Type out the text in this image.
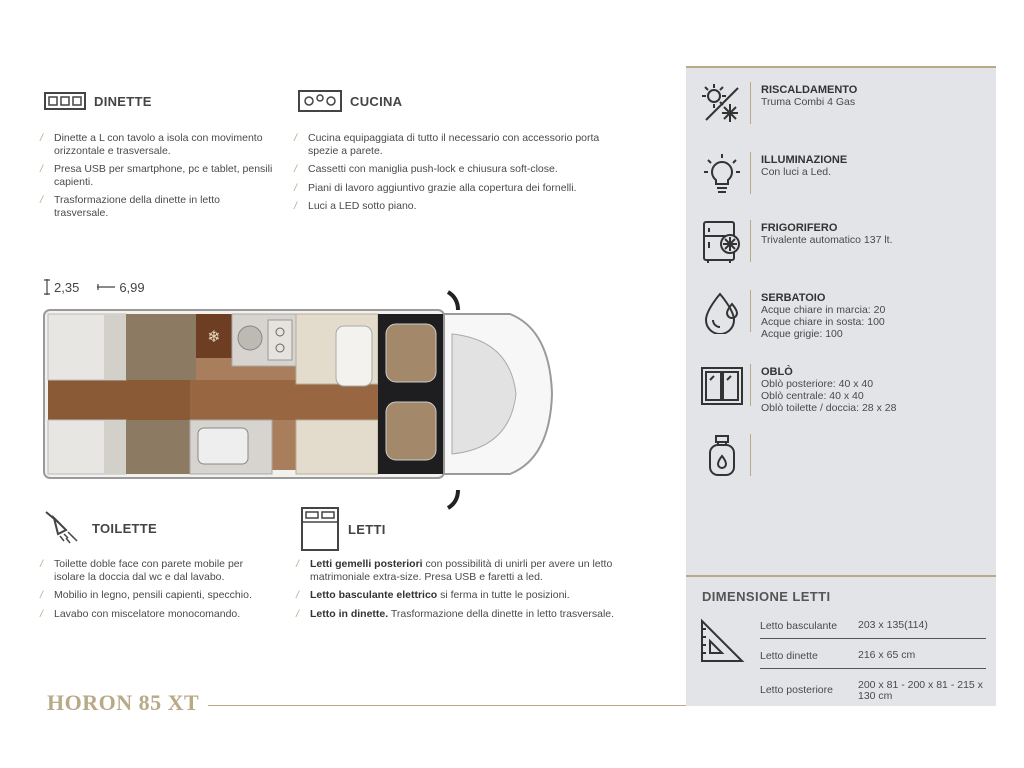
DINETTE
/ Dinette a L con tavolo a isola con movimento orizzontale e trasversale.
/ Presa USB per smartphone, pc e tablet, pensili capienti.
/ Trasformazione della dinette in letto trasversale.
CUCINA
/ Cucina equipaggiata di tutto il necessario con accessorio porta spezie a parete.
/ Cassetti con maniglia push-lock e chiusura soft-close.
/ Piani di lavoro aggiuntivo grazie alla copertura dei fornelli.
/ Luci a LED sotto piano.
2,35	6,99
❄
TOILETTE
/ Toilette doble face con parete mobile per isolare la doccia dal wc e dal lavabo.
/ Mobilio in legno, pensili capienti, specchio.
/ Lavabo con miscelatore monocomando.
LETTI
/ Letti gemelli posteriori con possibilità di unirli per avere un letto matrimoniale extra-size. Presa USB e faretti a led.
/ Letto basculante elettrico si ferma in tutte le posizioni.
/ Letto in dinette. Trasformazione della dinette in letto trasversale.
HORON 85 XT
RISCALDAMENTO
Truma Combi 4 Gas
ILLUMINAZIONE
Con luci a Led.
FRIGORIFERO
Trivalente automatico 137 lt.
SERBATOIO
Acque chiare in marcia: 20
Acque chiare in sosta: 100
Acque grigie: 100
OBLÒ
Oblò posteriore: 40 x 40
Oblò centrale: 40 x 40
Oblò toilette / doccia: 28 x 28
DIMENSIONE LETTI
Letto basculante	203 x 135(114)
Letto dinette	216 x 65 cm
Letto posteriore	200 x 81 - 200 x 81 - 215 x 130 cm
